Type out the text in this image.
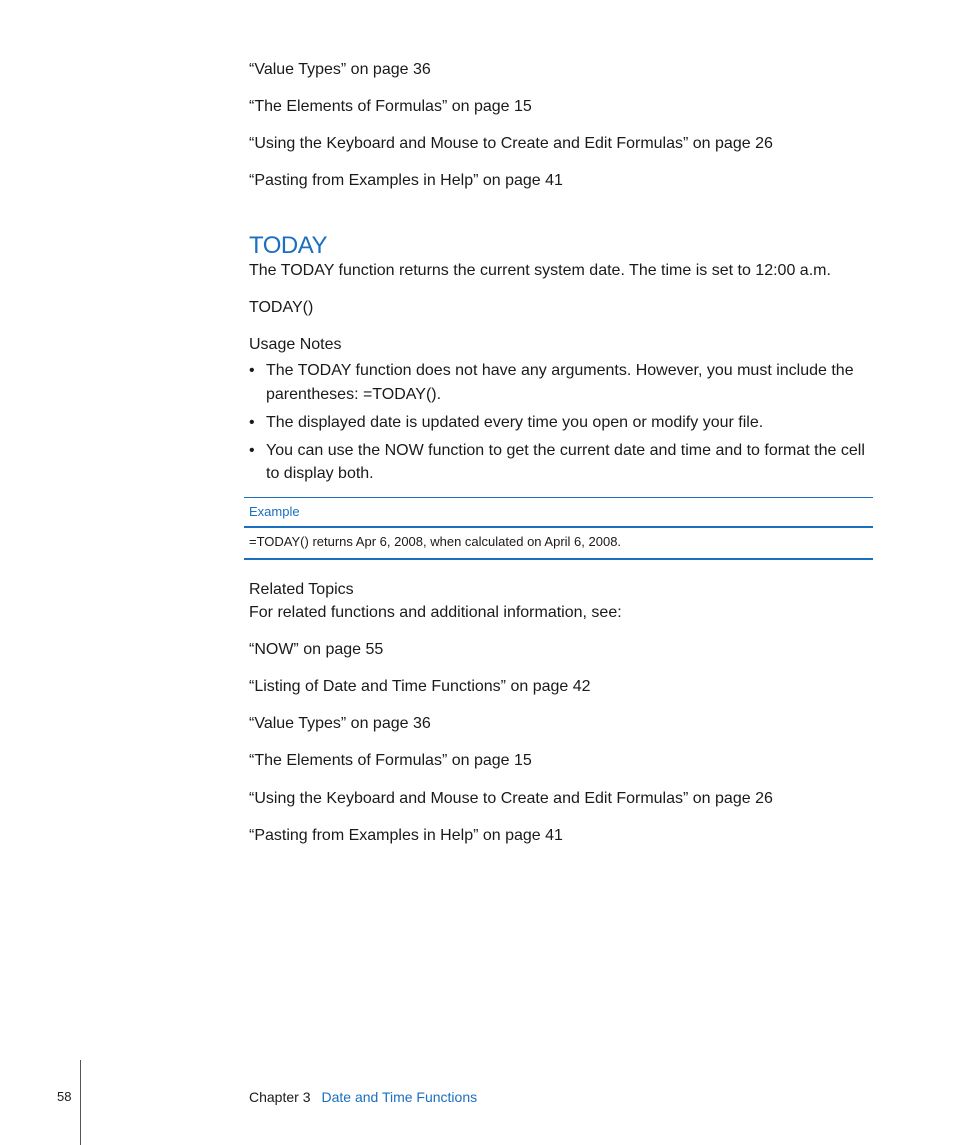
“Value Types” on page 36
“The Elements of Formulas” on page 15
“Using the Keyboard and Mouse to Create and Edit Formulas” on page 26
“Pasting from Examples in Help” on page 41
TODAY
The TODAY function returns the current system date. The time is set to 12:00 a.m.
TODAY()
Usage Notes
• The TODAY function does not have any arguments. However, you must include the parentheses: =TODAY().
• The displayed date is updated every time you open or modify your file.
• You can use the NOW function to get the current date and time and to format the cell to display both.
Example
=TODAY() returns Apr 6, 2008, when calculated on April 6, 2008.
Related Topics
For related functions and additional information, see:
“NOW” on page 55
“Listing of Date and Time Functions” on page 42
“Value Types” on page 36
“The Elements of Formulas” on page 15
“Using the Keyboard and Mouse to Create and Edit Formulas” on page 26
“Pasting from Examples in Help” on page 41
58	Chapter 3 Date and Time Functions
